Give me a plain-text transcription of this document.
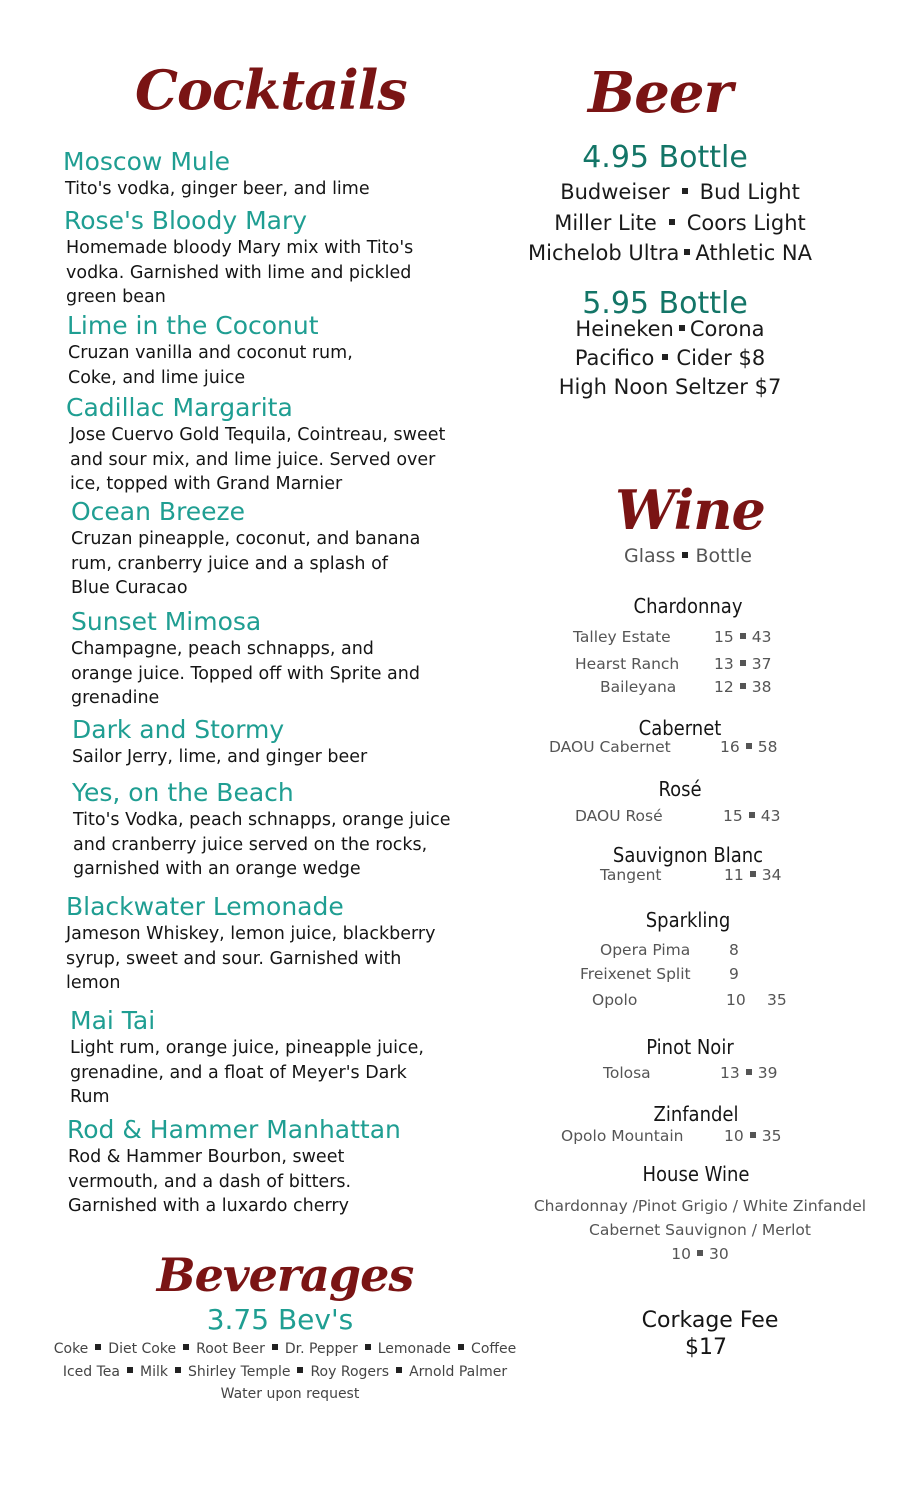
Cocktails
Moscow Mule
Tito's vodka, ginger beer, and lime
Rose's Bloody Mary
Homemade bloody Mary mix with Tito's vodka. Garnished with lime and pickled green bean
Lime in the Coconut
Cruzan vanilla and coconut rum, Coke, and lime juice
Cadillac Margarita
Jose Cuervo Gold Tequila, Cointreau, sweet and sour mix, and lime juice. Served over ice, topped with Grand Marnier
Ocean Breeze
Cruzan pineapple, coconut, and banana rum, cranberry juice and a splash of Blue Curacao
Sunset Mimosa
Champagne, peach schnapps, and orange juice. Topped off with Sprite and grenadine
Dark and Stormy
Sailor Jerry, lime, and ginger beer
Yes, on the Beach
Tito's Vodka, peach schnapps, orange juice and cranberry juice served on the rocks, garnished with an orange wedge
Blackwater Lemonade
Jameson Whiskey, lemon juice, blackberry syrup, sweet and sour. Garnished with lemon
Mai Tai
Light rum, orange juice, pineapple juice, grenadine, and a float of Meyer's Dark Rum
Rod & Hammer Manhattan
Rod & Hammer Bourbon, sweet vermouth, and a dash of bitters. Garnished with a luxardo cherry
Beverages
3.75 Bev's
Coke Diet Coke Root Beer Dr. Pepper Lemonade Coffee
Iced Tea Milk Shirley Temple Roy Rogers Arnold Palmer
Water upon request
Beer
4.95 Bottle
Budweiser Bud Light
Miller Lite Coors Light
Michelob Ultra Athletic NA
5.95 Bottle
Heineken Corona
Pacifico Cider $8
High Noon Seltzer $7
Wine
Glass Bottle
Chardonnay
Talley Estate	15 43
Hearst Ranch 13 37
Baileyana 12 38
Cabernet
DAOU Cabernet	16 58
Rosé
DAOU Rosé	15 43
Sauvignon Blanc
Tangent	11 34
Sparkling
Opera Pima 8
Freixenet Split 9
Opolo	10 35
Pinot Noir
Tolosa	13 39
Zinfandel
Opolo Mountain	10 35
House Wine
Chardonnay /Pinot Grigio / White Zinfandel
Cabernet Sauvignon / Merlot
10 30
Corkage Fee
$17
